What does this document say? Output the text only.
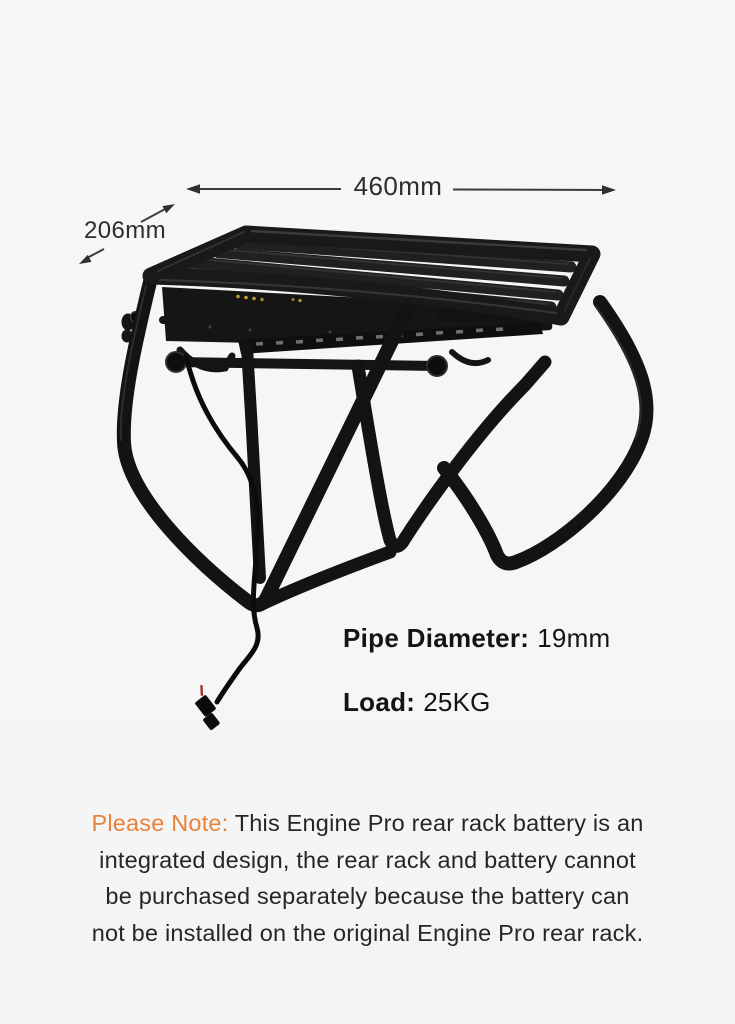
460mm
206mm
Pipe Diameter: 19mm
Load: 25KG
Please Note: This Engine Pro rear rack battery is an
integrated design, the rear rack and battery cannot
be purchased separately because the battery can
not be installed on the original Engine Pro rear rack.
